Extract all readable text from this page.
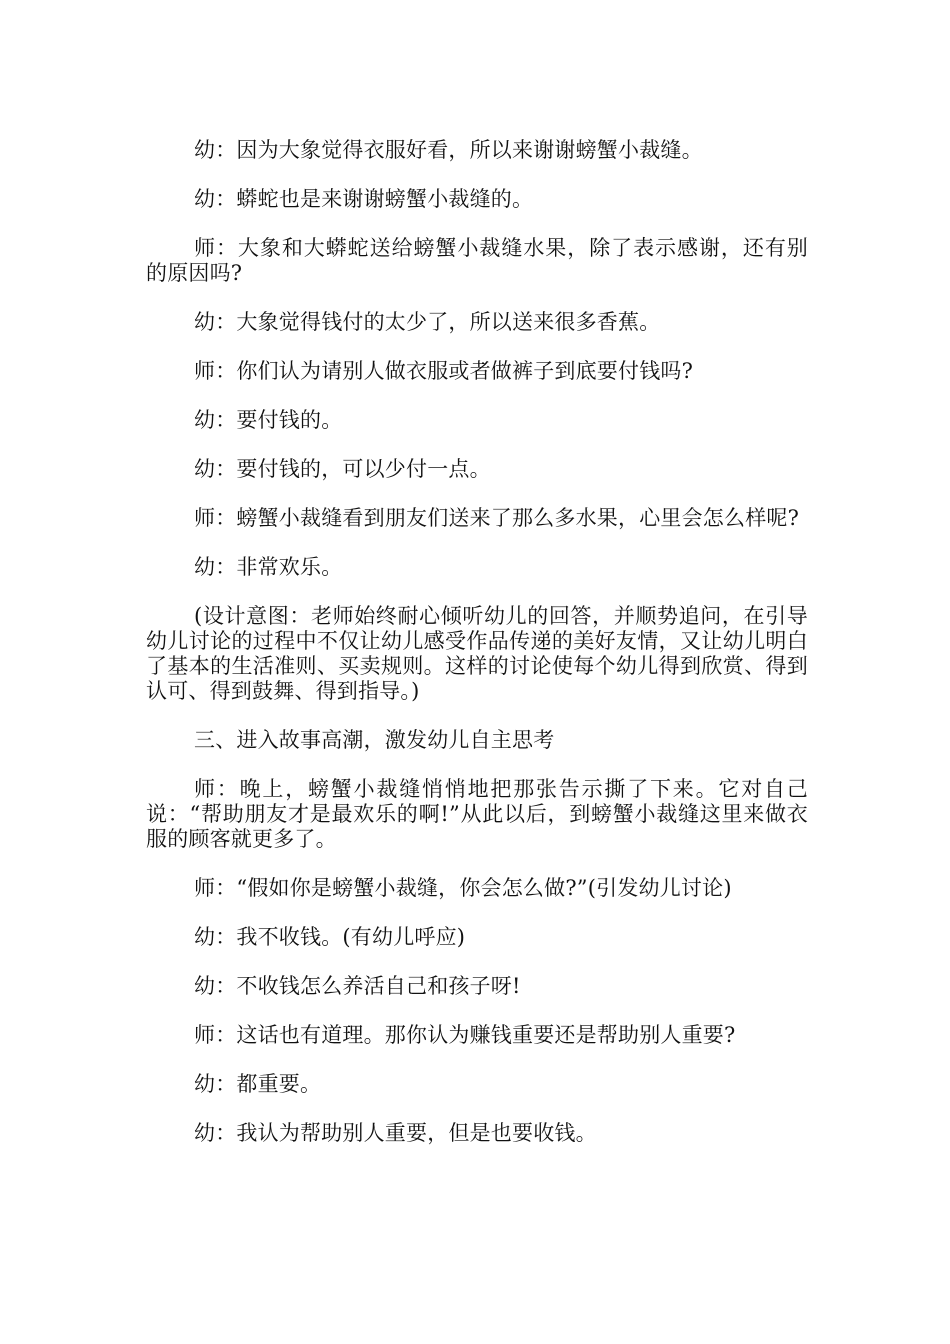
幼：因为大象觉得衣服好看，所以来谢谢螃蟹小裁缝。

幼：蟒蛇也是来谢谢螃蟹小裁缝的。

师：大象和大蟒蛇送给螃蟹小裁缝水果，除了表示感谢，还有别的原因吗?

幼：大象觉得钱付的太少了，所以送来很多香蕉。

师：你们认为请别人做衣服或者做裤子到底要付钱吗?

幼：要付钱的。

幼：要付钱的，可以少付一点。

师：螃蟹小裁缝看到朋友们送来了那么多水果，心里会怎么样呢?

幼：非常欢乐。

(设计意图：老师始终耐心倾听幼儿的回答，并顺势追问，在引导幼儿讨论的过程中不仅让幼儿感受作品传递的美好友情，又让幼儿明白了基本的生活准则、买卖规则。这样的讨论使每个幼儿得到欣赏、得到认可、得到鼓舞、得到指导。)

三、进入故事高潮，激发幼儿自主思考

师：晚上，螃蟹小裁缝悄悄地把那张告示撕了下来。它对自己说：“帮助朋友才是最欢乐的啊!”从此以后，到螃蟹小裁缝这里来做衣服的顾客就更多了。

师：“假如你是螃蟹小裁缝，你会怎么做?”(引发幼儿讨论)

幼：我不收钱。(有幼儿呼应)

幼：不收钱怎么养活自己和孩子呀!

师：这话也有道理。那你认为赚钱重要还是帮助别人重要?

幼：都重要。

幼：我认为帮助别人重要，但是也要收钱。
